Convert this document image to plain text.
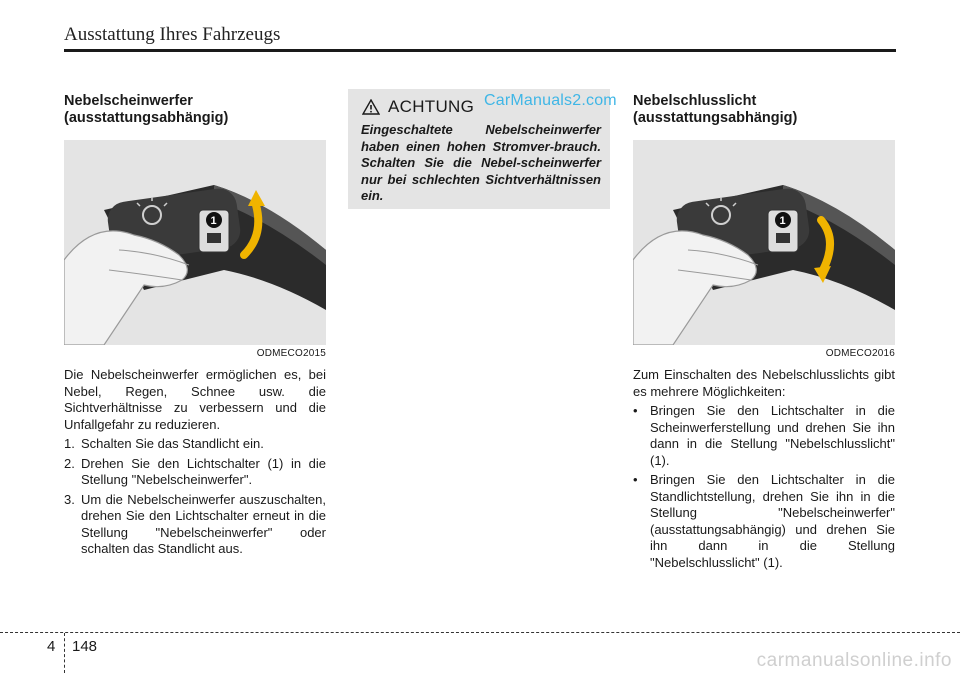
Ausstattung Ihres Fahrzeugs
Nebelscheinwerfer
(ausstattungsabhängig)
1
ODMECO2015

Die Nebelscheinwerfer ermöglichen es, bei Nebel, Regen, Schnee usw. die Sichtverhältnisse zu verbessern und die Unfallgefahr zu reduzieren.

1. Schalten Sie das Standlicht ein.
2. Drehen Sie den Lichtschalter (1) in die Stellung "Nebelscheinwerfer".
3. Um die Nebelscheinwerfer auszuschalten, drehen Sie den Lichtschalter erneut in die Stellung "Nebelscheinwerfer" oder schalten das Standlicht aus.
ACHTUNG
Eingeschaltete Nebelscheinwerfer haben einen hohen Stromver-brauch. Schalten Sie die Nebel-scheinwerfer nur bei schlechten Sichtverhältnissen ein.
CarManuals2.com Nebelschlusslicht
(ausstattungsabhängig)
1
ODMECO2016

Zum Einschalten des Nebelschlusslichts gibt es mehrere Möglichkeiten:

• Bringen Sie den Lichtschalter in die Scheinwerferstellung und drehen Sie ihn dann in die Stellung "Nebelschlusslicht" (1).
• Bringen Sie den Lichtschalter in die Standlichtstellung, drehen Sie ihn in die Stellung "Nebelscheinwerfer" (ausstattungsabhängig) und drehen Sie ihn dann in die Stellung "Nebelschlusslicht" (1).
4 148
carmanualsonline.info
